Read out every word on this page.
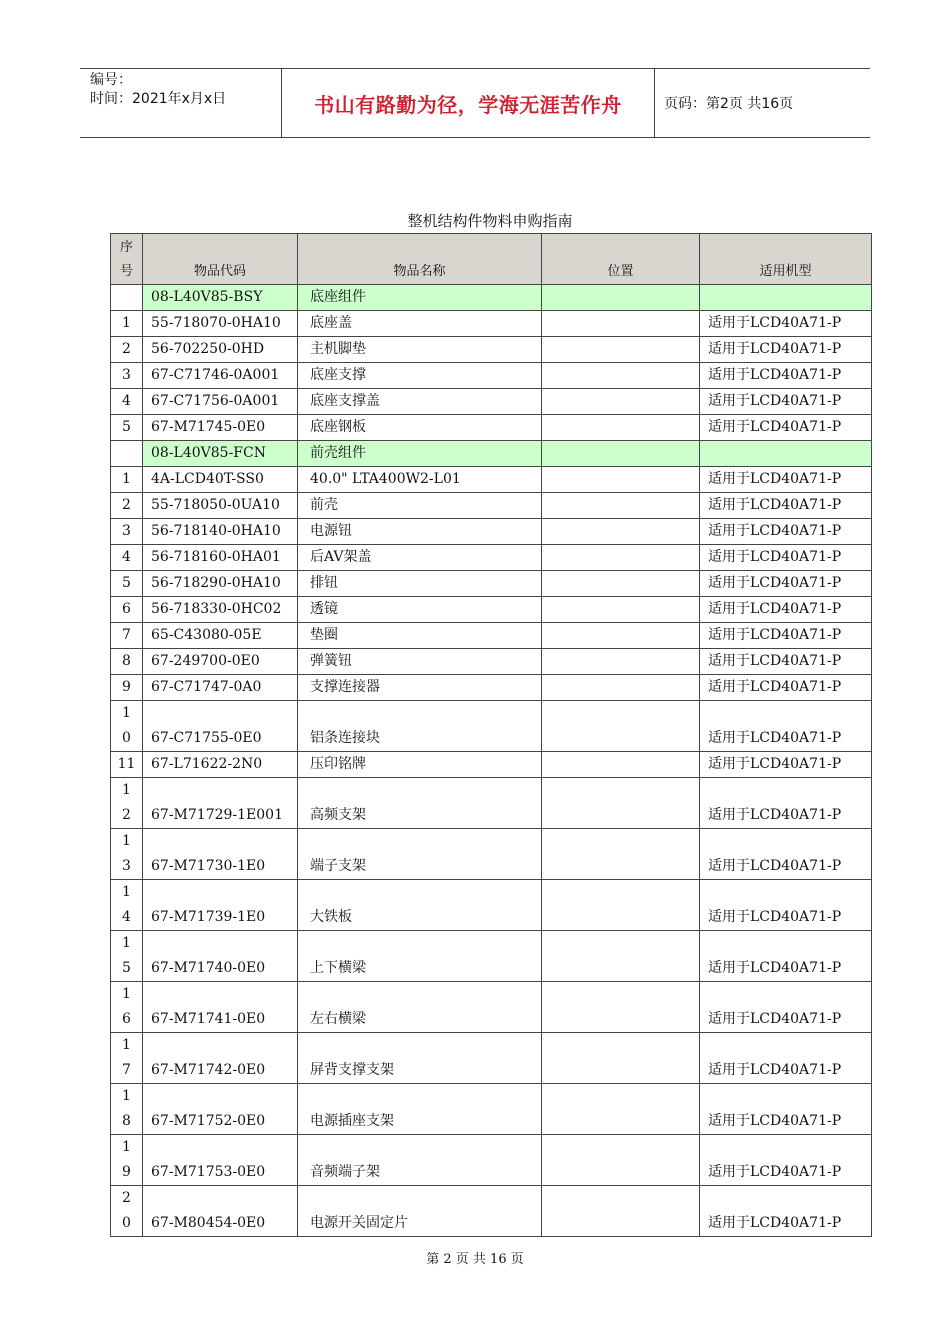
编号：
时间：2021年x月x日	书山有路勤为径，学海无涯苦作舟	页码：第2页 共16页
整机结构件物料申购指南
序
号	物品代码	物品名称	位置	适用机型
	08-L40V85-BSY	底座组件		
1	55-718070-0HA10	底座盖		适用于LCD40A71-P
2	56-702250-0HD	主机脚垫		适用于LCD40A71-P
3	67-C71746-0A001	底座支撑		适用于LCD40A71-P
4	67-C71756-0A001	底座支撑盖		适用于LCD40A71-P
5	67-M71745-0E0	底座钢板		适用于LCD40A71-P
	08-L40V85-FCN	前壳组件		
1	4A-LCD40T-SS0	40.0" LTA400W2-L01		适用于LCD40A71-P
2	55-718050-0UA10	前壳		适用于LCD40A71-P
3	56-718140-0HA10	电源钮		适用于LCD40A71-P
4	56-718160-0HA01	后AV架盖		适用于LCD40A71-P
5	56-718290-0HA10	排钮		适用于LCD40A71-P
6	56-718330-0HC02	透镜		适用于LCD40A71-P
7	65-C43080-05E	垫圈		适用于LCD40A71-P
8	67-249700-0E0	弹簧钮		适用于LCD40A71-P
9	67-C71747-0A0	支撑连接器		适用于LCD40A71-P

1
0	67-C71755-0E0	铝条连接块		适用于LCD40A71-P
11	67-L71622-2N0	压印铭牌		适用于LCD40A71-P

1
2	67-M71729-1E001	高频支架		适用于LCD40A71-P

1
3	67-M71730-1E0	端子支架		适用于LCD40A71-P

1
4	67-M71739-1E0	大铁板		适用于LCD40A71-P

1
5	67-M71740-0E0	上下横梁		适用于LCD40A71-P

1
6	67-M71741-0E0	左右横梁		适用于LCD40A71-P

1
7	67-M71742-0E0	屏背支撑支架		适用于LCD40A71-P

1
8	67-M71752-0E0	电源插座支架		适用于LCD40A71-P

1
9	67-M71753-0E0	音频端子架		适用于LCD40A71-P

2
0	67-M80454-0E0	电源开关固定片		适用于LCD40A71-P
第 2 页 共 16 页
